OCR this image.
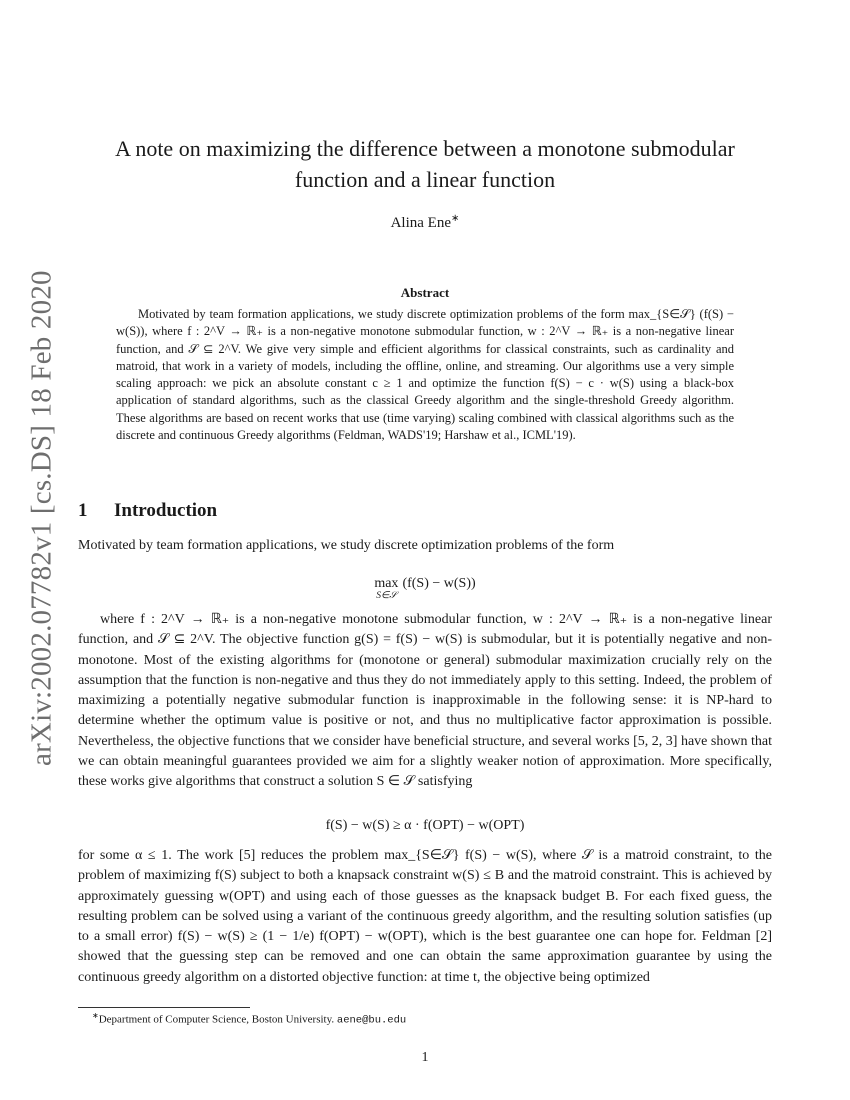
arXiv:2002.07782v1 [cs.DS] 18 Feb 2020
A note on maximizing the difference between a monotone submodular
function and a linear function
Alina Ene∗
Abstract

Motivated by team formation applications, we study discrete optimization problems of the form max_{S∈𝒮} (f(S) − w(S)), where f : 2^V → ℝ₊ is a non-negative monotone submodular function, w : 2^V → ℝ₊ is a non-negative linear function, and 𝒮 ⊆ 2^V. We give very simple and efficient algorithms for classical constraints, such as cardinality and matroid, that work in a variety of models, including the offline, online, and streaming. Our algorithms use a very simple scaling approach: we pick an absolute constant c ≥ 1 and optimize the function f(S) − c · w(S) using a black-box application of standard algorithms, such as the classical Greedy algorithm and the single-threshold Greedy algorithm. These algorithms are based on recent works that use (time varying) scaling combined with classical algorithms such as the discrete and continuous Greedy algorithms (Feldman, WADS'19; Harshaw et al., ICML'19).

1 Introduction

Motivated by team formation applications, we study discrete optimization problems of the form

max
S∈𝒮
(f(S) − w(S))

where f : 2^V → ℝ₊ is a non-negative monotone submodular function, w : 2^V → ℝ₊ is a non-negative linear function, and 𝒮 ⊆ 2^V. The objective function g(S) = f(S) − w(S) is submodular, but it is potentially negative and non-monotone. Most of the existing algorithms for (monotone or general) submodular maximization crucially rely on the assumption that the function is non-negative and thus they do not immediately apply to this setting. Indeed, the problem of maximizing a potentially negative submodular function is inapproximable in the following sense: it is NP-hard to determine whether the optimum value is positive or not, and thus no multiplicative factor approximation is possible. Nevertheless, the objective functions that we consider have beneficial structure, and several works [5, 2, 3] have shown that we can obtain meaningful guarantees provided we aim for a slightly weaker notion of approximation. More specifically, these works give algorithms that construct a solution S ∈ 𝒮 satisfying

f(S) − w(S) ≥ α · f(OPT) − w(OPT)

for some α ≤ 1. The work [5] reduces the problem max_{S∈𝒮} f(S) − w(S), where 𝒮 is a matroid constraint, to the problem of maximizing f(S) subject to both a knapsack constraint w(S) ≤ B and the matroid constraint. This is achieved by approximately guessing w(OPT) and using each of those guesses as the knapsack budget B. For each fixed guess, the resulting problem can be solved using a variant of the continuous greedy algorithm, and the resulting solution satisfies (up to a small error) f(S) − w(S) ≥ (1 − 1/e) f(OPT) − w(OPT), which is the best guarantee one can hope for. Feldman [2] showed that the guessing step can be removed and one can obtain the same approximation guarantee by using the continuous greedy algorithm on a distorted objective function: at time t, the objective being optimized

∗Department of Computer Science, Boston University. aene@bu.edu
1
